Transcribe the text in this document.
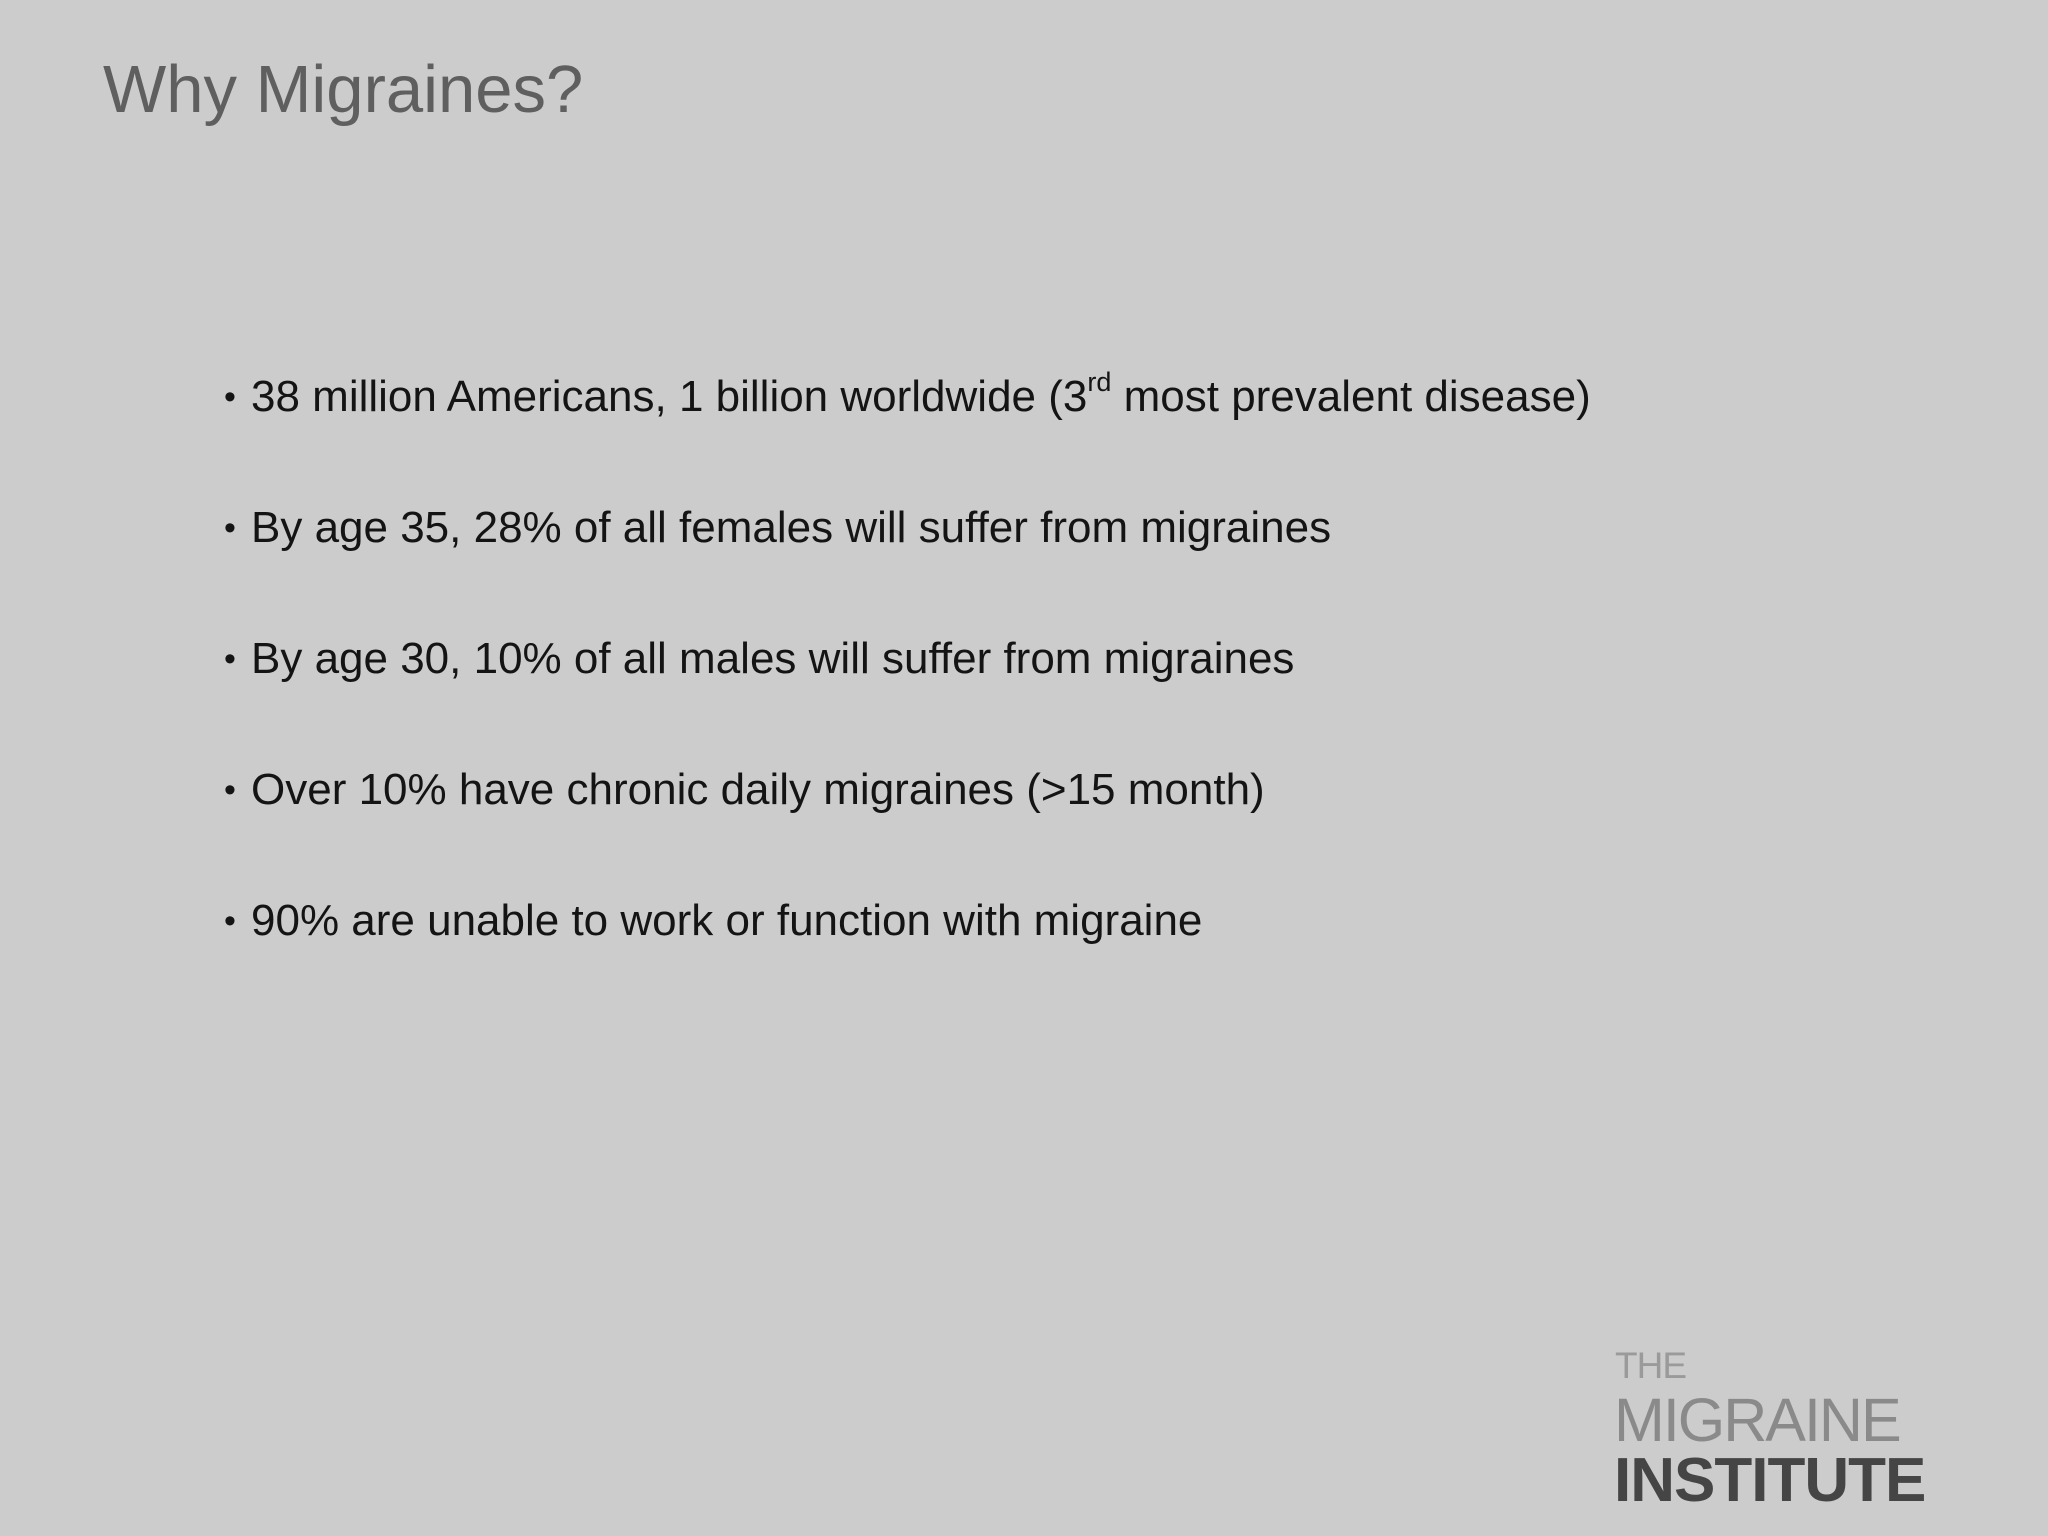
Why Migraines?
• 38 million Americans, 1 billion worldwide (3rd most prevalent disease)
• By age 35, 28% of all females will suffer from migraines
• By age 30, 10% of all males will suffer from migraines
• Over 10% have chronic daily migraines (>15 month)
• 90% are unable to work or function with migraine
THE
MIGRAINE
INSTITUTE
